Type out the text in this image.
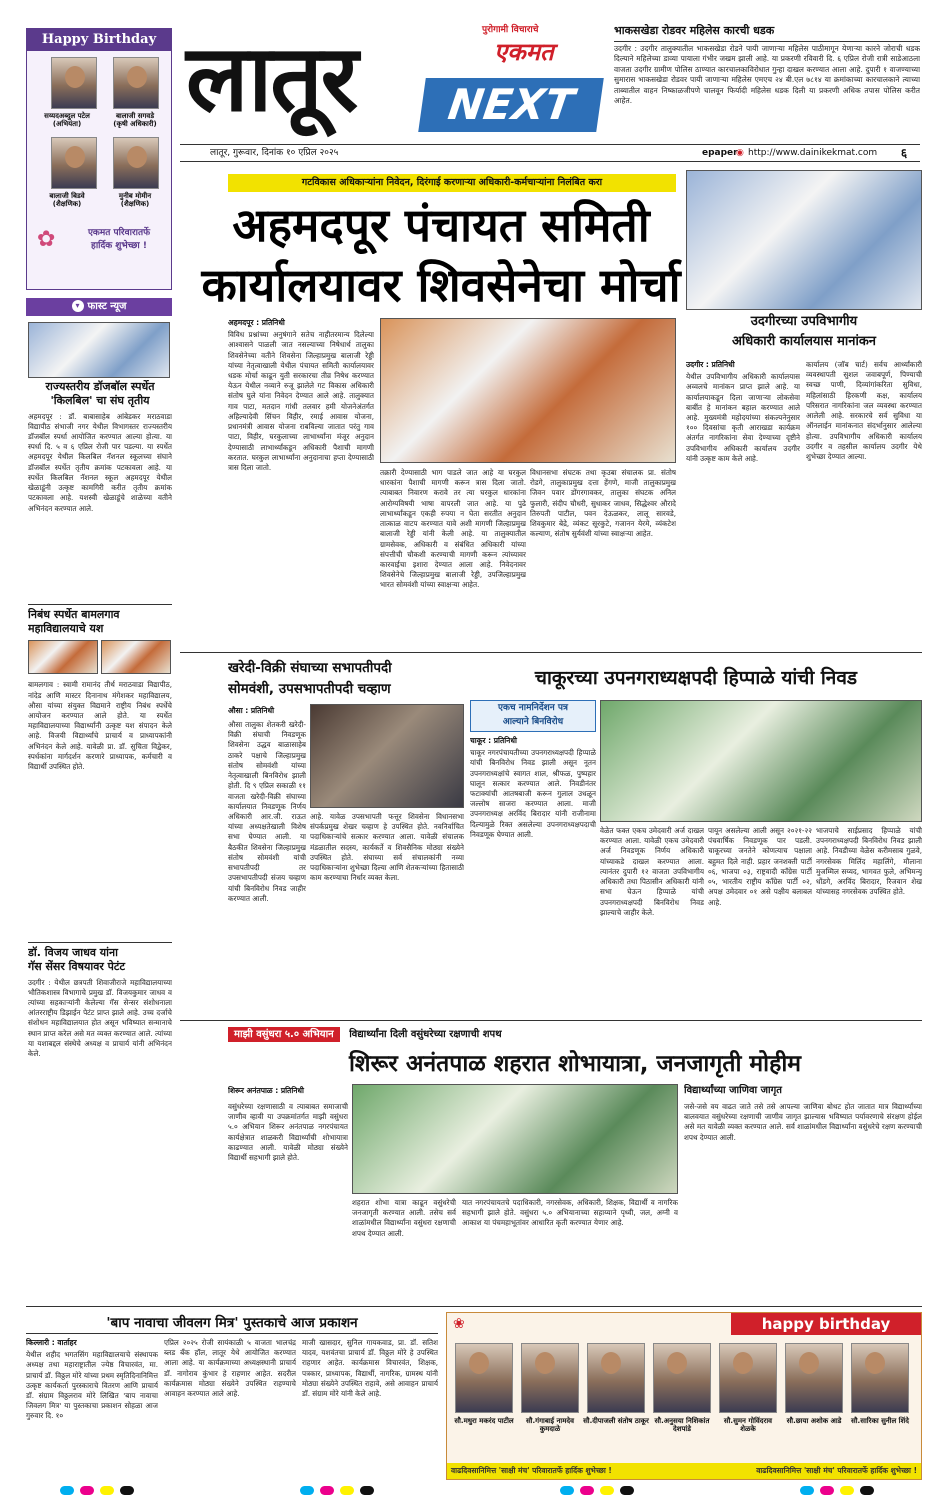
Happy Birthday
सय्यदअब्दुल पटेल
(अभियंता)
बालाजी सगवडे
(कृषी अधिकारी)
बालाजी बिडवे
(शैक्षणिक)
मुनीब मोमीन
(शैक्षणिक)
✿	एकमत परिवारातर्फे
हार्दिक शुभेच्छा !
▾ फास्ट न्यूज
राज्यस्तरीय डॉजबॉल स्पर्धेत
'किलबिल' चा संघ तृतीय
अहमदपूर : डॉ. बाबासाहेब आंबेडकर मराठवाडा विद्यापीठ संभाजी नगर येथील विभागस्तर राज्यस्तरीय डॉजबॉल स्पर्धा आयोजित करण्यात आल्या होत्या. या स्पर्धा दि. ५ व ६ एप्रिल रोजी पार पडल्या. या स्पर्धेत अहमदपूर येथील किलबिल नॅशनल स्कूलच्या संघाने डॉजबॉल स्पर्धेत तृतीय क्रमांक पटकावला आहे. या स्पर्धेत किलबिल नॅशनल स्कूल अहमदपूर येथील खेळाडूंनी उत्कृष्ट कामगिरी करीत तृतीय क्रमांक पटकावला आहे. यशस्वी खेळाडूंचे शाळेच्या वतीने अभिनंदन करण्यात आले.
निबंध स्पर्धेत बामलगाव
महाविद्यालयाचे यश
बामलगाव : स्वामी रामानंद तीर्थ मराठवाडा विद्यापीठ, नांदेड आणि मास्टर दिनानाथ मंगेशकर महाविद्यालय, औसा यांच्या संयुक्त विद्यमाने राष्ट्रीय निबंध स्पर्धेचे आयोजन करण्यात आले होते. या स्पर्धेत महाविद्यालयाच्या विद्यार्थ्यांनी उत्कृष्ट यश संपादन केले आहे. विजयी विद्यार्थ्यांचे प्राचार्य व प्राध्यापकांनी अभिनंदन केले आहे. यावेळी प्रा. डॉ. सुचिता विद्वेकर, स्पर्धकांना मार्गदर्शन करणारे प्राध्यापक, कर्मचारी व विद्यार्थी उपस्थित होते.
डॉ. विजय जाधव यांना
गॅस सेंसर विषयावर पेटंट
उदगीर : येथील छत्रपती शिवाजीराजे महाविद्यालयाच्या भौतिकशास्त्र विभागाचे प्रमुख डॉ. विजयकुमार जाधव व त्यांच्या सहकाऱ्यांनी केलेल्या गॅस सेन्सर संशोधनाला आंतरराष्ट्रीय डिझाईन पेटंट प्राप्त झाले आहे. उच्च दर्जाचे संशोधन महाविद्यालयात होत असून भविष्यात सन्मानाचे स्थान प्राप्त करेल असे मत व्यक्त करण्यात आले. त्यांच्या या यशाबद्दल संस्थेचे अध्यक्ष व प्राचार्य यांनी अभिनंदन केले.
लातूर	पुरोगामी विचाराचे
एकमत
NEXT
लातूर, गुरूवार, दिनांक १० एप्रिल २०२५	epaper
◉ http://www.dainikekmat.com	६
भाकसखेडा रोडवर महिलेस कारची धडक
उदगीर : उदगीर तालुक्यातील भाकसखेडा रोडने पायी जाणाऱ्या महिलेस पाठीमागून येणाऱ्या कारने जोराची धडक दिल्याने महिलेच्या डाव्या पायाला गंभीर जखम झाली आहे. या प्रकरणी रविवारी दि. ६ एप्रिल रोजी रात्री साडेआठला वाजता उदगीर ग्रामीण पोलिस ठाण्यात कारचालकाविरोधात गुन्हा दाखल करण्यात आला आहे. दुपारी १ वाजण्याच्या सुमारास भाकसखेडा रोडवर पायी जाणाऱ्या महिलेस एमएच २४ बी.एल ७८१४ या क्रमांकाच्या कारचालकाने त्याच्या ताब्यातील वाहन निष्काळजीपणे चालवून फिर्यादी महिलेस धडक दिली या प्रकरणी अधिक तपास पोलिस करीत आहेत.
गटविकास अधिकाऱ्यांना निवेदन, दिरंगाई करणाऱ्या अधिकारी-कर्मचाऱ्यांना निलंबित करा
अहमदपूर पंचायत समिती
कार्यालयावर शिवसेनेचा मोर्चा
अहमदपूर : प्रतिनिधी
विविध प्रश्नांच्या अनुषंगाने सतेच नाहीतरमान्य दिलेल्या आश्वासने पाळली जात नसल्याच्या निषेधार्थ तालुका शिवसेनेच्या वतीने शिवसेना जिल्हाप्रमुख बालाजी रेड्डी यांच्या नेतृत्वाखाली येथील पंचायत समिती कार्यालयावर धडक मोर्चा काढून युती सरकारचा तीव्र निषेध करण्यात येऊन येथील नव्याने रुजू झालेले गट विकास अधिकारी संतोष घुले यांना निवेदन देण्यात आले आहे. तालुक्यात गाव पाटा, मतदान गांधी तलवार हमी योजनेअंतर्गत अहिल्यादेवी सिंचन विहीर, रमाई आवास योजना, प्रधानमंत्री आवास योजना राबविल्या जातात परंतु गाव पाटा, विहीर, घरकुलाच्या लाभार्थ्यांना मंजूर अनुदान देण्यासाठी लाभार्थ्यांकडून अधिकारी पैशाची मागणी करतात. घरकुल लाभार्थ्यांना अनुदानाचा हप्ता देण्यासाठी त्रास दिला जातो.
तक्रारी देण्यासाठी भाग पाडले जात आहे या घरकुल धारकांना पैशाची मागणी करून त्रास दिला जातो. त्याबाबत निवारण करावे तर त्या घरकुल धारकांना आरोग्यविषयी भाषा वापरली जात आहे. या पुढे लाभार्थ्यांकडून एकही रुपया न घेता सरतीत अनुदान तात्काळ वाटप करण्यात यावे अशी मागणी जिल्हाप्रमुख बालाजी रेड्डी यांनी केली आहे. या तालुक्यातील ग्रामसेवक, अधिकारी व संबंधित अधिकारी यांच्या संपत्तीची चौकशी करण्याची मागणी करून त्यांच्यावर कारवाईचा इशारा देण्यात आला आहे. निवेदनावर शिवसेनेचे जिल्हाप्रमुख बालाजी रेड्डी, उपजिल्हाप्रमुख भारत सोमवंशी यांच्या स्वाक्षऱ्या आहेत.
विधानसभा संघटक तथा कृउबा संचालक प्रा. संतोष रोडगे, तालुकाप्रमुख दत्ता हेंगणे, माजी तालुकाप्रमुख जिवन पवार डोंगरगावकर, तालुका संघटक अनिल फुलारी, संदीप चौधरी, सुधाकर जाधव, सिद्धेश्वर औरादे तिरुपती पाटील, पवन देऊळकर, लालू सारवडे, शिवकुमार बेद्रे, व्यंकट सूरकुटे, गजानन येरमे, व्यंकटेश कल्याण, संतोष सुर्यवंशी यांच्या स्वाक्षऱ्या आहेत.
उदगीरच्या उपविभागीय
अधिकारी कार्यालयास मानांकन
उदगीर : प्रतिनिधी
येथील उपविभागीय अधिकारी कार्यालयास अव्वलचे मानांकन प्राप्त झाले आहे. या कार्यालयाकडून दिला जाणाऱ्या लोकसेवा बाबींत हे मानांकन बहाल करण्यात आले आहे. मुख्यमंत्री महोदयांच्या संकल्पनेनुसार १०० दिवसांचा कृती आराखडा कार्यक्रम अंतर्गत नागरिकांना सेवा देण्याच्या दृष्टीने उपविभागीय अधिकारी कार्यालय उदगीर यांनी उत्कृष्ट काम केले आहे.
कार्यालय (जॉब चार्ट) सर्वच आर्थ्यांकारी व्यवस्थापती सुशल जवाबपूर्ण, पिण्याची स्वच्छ पाणी, दिव्यांगांकरिता सुविधा, महिलांसाठी हिरकणी कक्ष, कार्यालय परिसरात नागरिकांना जल व्यवस्था करण्यात आलेली आहे. सरकारचे सर्व सुविधा या ऑनलाईन मानांकनात संदर्भानुसार आलेल्या होत्या. उपविभागीय अधिकारी कार्यालय उदगीर व तहसील कार्यालय उदगीर येथे शुभेच्छा देण्यात आल्या.
खरेदी-विक्री संघाच्या सभापतीपदी
सोमवंशी, उपसभापतीपदी चव्हाण
औसा : प्रतिनिधी
औसा तालुका शेतकरी खरेदी-विक्री संघाची निवडणूक शिवसेना उद्धव बाळासाहेब ठाकरे पक्षाचे जिल्हाप्रमुख संतोष सोमवंशी यांच्या नेतृत्वाखाली बिनविरोध झाली होती. दि ९ एप्रिल सकाळी ११ वाजता खरेदी-विक्री संघाच्या कार्यालयात निवडणूक निर्णय अधिकारी आर.जी. राऊत यांच्या अध्यक्षतेखाली विशेष सभा घेण्यात आली. या बैठकीत शिवसेना जिल्हाप्रमुख संतोष सोमवंशी यांची सभापतीपदी तर उपसभापतीपदी संजय चव्हाण यांची बिनविरोध निवड जाहीर करण्यात आली.
आहे. यावेळ उपसभापती फत्तूर शिवसेना विधानसभा संपर्कप्रमुख शेखर चव्हाण हे उपस्थित होते. नवनिर्वाचित पदाधिकाऱ्यांचे सत्कार करण्यात आला. यावेळी संचालक मंडळातील सदस्य, कार्यकर्ते व शिवसैनिक मोठ्या संख्येने उपस्थित होते. संघाच्या सर्व संचालकांनी नव्या पदाधिकाऱ्यांना शुभेच्छा दिल्या आणि शेतकऱ्यांच्या हितासाठी काम करण्याचा निर्धार व्यक्त केला.
चाकूरच्या उपनगराध्यक्षपदी हिप्पाळे यांची निवड
एकच नामनिर्देशन पत्र
आल्याने बिनविरोध
चाकूर : प्रतिनिधी
चाकूर नगरपंचायतीच्या उपनगराध्यक्षपदी हिप्पाळे यांची बिनविरोध निवड झाली असून नूतन उपनगराध्यक्षांचे स्वागत शाल, श्रीफळ, पुष्पहार घालून सत्कार करण्यात आले. निवडीनंतर फटाक्यांची आतषबाजी करून गुलाल उधळून जल्लोष साजरा करण्यात आला. माजी उपनगराध्यक्ष अरविंद बिरादार यांनी राजीनामा दिल्यामुळे रिक्त असलेल्या उपनगराध्यक्षपदाची निवडणूक घेण्यात आली.	वेळेत फक्त एकच उमेदवारी अर्ज दाखल करण्यात आला. यावेळी एकच उमेदवारी अर्ज निवडणूक निर्णय अधिकारी यांच्याकडे दाखल करण्यात आला. त्यानंतर दुपारी १२ वाजता उपविभागीय अधिकारी तथा पिठासीन अधिकारी यांनी सभा घेऊन हिप्पाळे यांची उपनगराध्यक्षपदी बिनविरोध निवड झाल्याचे जाहीर केले.
पायून असलेल्या आली असून २०२१-२२ पंचवार्षिक निवडणूक पार पडली. चाकूरच्या जनतेने कोणत्याच पक्षाला बहुमत दिले नाही. प्रहार जनशक्ती पार्टी ०६, भाजपा ०३, राष्ट्रवादी काँग्रेस पार्टी ०५, भारतीय राष्ट्रीय काँग्रेस पार्टी ०२, अपक्ष उमेदवार ०१ असे पक्षीय बलाबल आहे.
भाजपाचे साईप्रसाद हिप्पाळे यांची उपनगराध्यक्षपदी बिनविरोध निवड झाली आहे. निवडीच्या वेळेस करीमसाब गुळवे, नगरसेवक मिलिंद महालिंगे, मौलाना मुजम्मिल सय्यद, भागवत फुले, अभिमन्यू धोंडगे, अरविंद बिरादार, रिजवान शेख यांच्यासह नगरसेवक उपस्थित होते.
माझी वसुंधरा ५.० अभियान विद्यार्थ्यांना दिली वसुंधरेच्या रक्षणाची शपथ
शिरूर अनंतपाळ शहरात शोभायात्रा, जनजागृती मोहीम
शिरूर अनंतपाळ : प्रतिनिधी	विद्यार्थ्यांच्या जाणिवा जागृत
वसुंधरेच्या रक्षणासाठी व त्याबाबत समाजाची जाणीव व्हावी या उपक्रमांतर्गत माझी वसुंधरा ५.० अभियान शिरूर अनंतपाळ नगरपंचायत कार्यक्षेत्रात शाळकरी विद्यार्थ्यांची शोभायात्रा काढण्यात आली. यावेळी मोठ्या संख्येने विद्यार्थी सहभागी झाले होते.
शहरात शोभा यात्रा काढून वसुंधरेची जनजागृती करण्यात आली. तसेच सर्व शाळांमधील विद्यार्थ्यांना वसुंधरा रक्षणाची शपथ देण्यात आली.
यात नगरपंचायतचे पदाधिकारी, नगरसेवक, अधिकारी, शिक्षक, विद्यार्थी व नागरिक सहभागी झाले होते. वसुंधरा ५.० अभियानाच्या सहाय्याने पृथ्वी, जल, अग्नी व आकाश या पंचमहाभूतांवर आधारित कृती करण्यात येणार आहे.
जसे-जसे वय वाढत जाते तसे तसे आपल्या जाणिवा बोथट होत जातात मात्र विद्यार्थ्यांच्या बालवयात वसुंधरेच्या रक्षणाची जाणीव जागृत झाल्यास भविष्यात पर्यावरणाचे संरक्षण होईल असे मत यावेळी व्यक्त करण्यात आले. सर्व शाळांमधील विद्यार्थ्यांना वसुंधरेचे रक्षण करण्याची शपथ देण्यात आली.
'बाप नावाचा जीवलग मित्र' पुस्तकाचे आज प्रकाशन
किल्लारी : वार्ताहर
येथील शहीद भगतसिंग महाविद्यालयाचे संस्थापक अध्यक्ष तथा महाराष्ट्रातील ज्येष्ठ विचारवंत, मा. प्राचार्य डॉ. विठ्ठल मोरे यांच्या प्रथम स्मृतिदिनानिमित्त उत्कृष्ट कार्यकर्ता पुरस्काराचे वितरण आणि प्राचार्य डॉ. संग्राम विठ्ठलराव मोरे लिखित 'बाप नावाचा जिवलग मित्र' या पुस्तकाचा प्रकाशन सोहळा आज गुरुवार दि. १०
एप्रिल २०२५ रोजी सायंकाळी ५ वाजता भालचंद्र ब्लड बँक हॉल, लातूर येथे आयोजित करण्यात आला आहे. या कार्यक्रमाच्या अध्यक्षस्थानी प्राचार्य डॉ. नागोराव कुंभार हे राहणार आहेत. सदरील कार्यक्रमास मोठ्या संख्येने उपस्थित राहण्याचे आवाहन करण्यात आले आहे.
माजी खासदार, सुनिल गायकवाड, प्रा. डॉ. सतिश यादव, यशवंतचा प्राचार्य डॉ. विठ्ठल मोरे हे उपस्थित राहणार आहेत. कार्यक्रमास विचारवंत, शिक्षक, पत्रकार, प्राध्यापक, विद्यार्थी, नागरिक, ग्रामस्थ यांनी मोठ्या संख्येने उपस्थित राहावे, असे आवाहन प्राचार्य डॉ. संग्राम मोरे यांनी केले आहे.
happy birthday
❀
सौ.मधुरा मकरंद पाटील	सौ.गंगाबाई नामदेव कुमदाळे
सौ.दीपाजली संतोष ठाकूर सौ.अनुसया निशिकांत देशपांडे
सौ.सुमन गोविंदराव शेळके
सौ.छाया अशोक आडे	सौ.सारिका सुनील शिंदे
वाढदिवसानिमित्त 'साक्षी मंच' परिवारातर्फे हार्दिक शुभेच्छा !	वाढदिवसानिमित्त 'साक्षी मंच' परिवारातर्फे हार्दिक शुभेच्छा !
